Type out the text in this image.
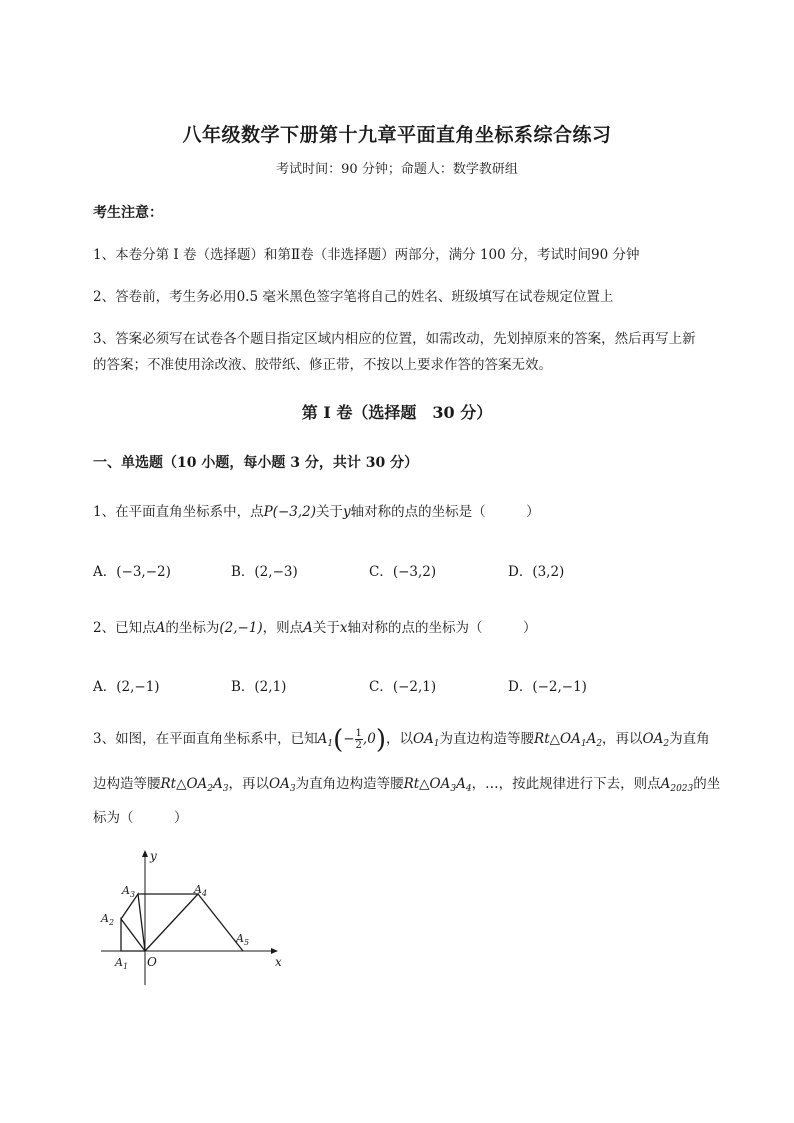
八年级数学下册第十九章平面直角坐标系综合练习
考试时间：90 分钟；命题人：数学教研组
考生注意：
1、本卷分第 I 卷（选择题）和第Ⅱ卷（非选择题）两部分，满分 100 分，考试时间90 分钟
2、答卷前，考生务必用0.5 毫米黑色签字笔将自己的姓名、班级填写在试卷规定位置上
3、答案必须写在试卷各个题目指定区域内相应的位置，如需改动，先划掉原来的答案，然后再写上新
的答案；不准使用涂改液、胶带纸、修正带，不按以上要求作答的答案无效。
第 I 卷（选择题　30 分）
一、单选题（10 小题，每小题 3 分，共计 30 分）
1、在平面直角坐标系中，点P(−3,2)关于y轴对称的点的坐标是（　　　）
A．(−3,−2)	B．(2,−3)	C．(−3,2)	D．(3,2)
2、已知点A的坐标为(2,−1)，则点A关于x轴对称的点的坐标为（　　　）
A．(2,−1)	B．(2,1)	C．(−2,1)	D．(−2,−1)
3、如图，在平面直角坐标系中，已知$A_1(- \frac{1}{2} ,0)$，以$OA_1$为直边构造等腰$Rt\triangle OA_1A_2$，再以$OA_2$为直角
边构造等腰$Rt\triangle OA_2A_3$，再以$OA_3$为直角边构造等腰$Rt\triangle OA_3A_4$，…，按此规律进行下去，则点$A_{2023}$的坐
标为（　　　）
y
x
O
$A_1$
$A_2$
$A_3$	$A_4$
$A_5$
